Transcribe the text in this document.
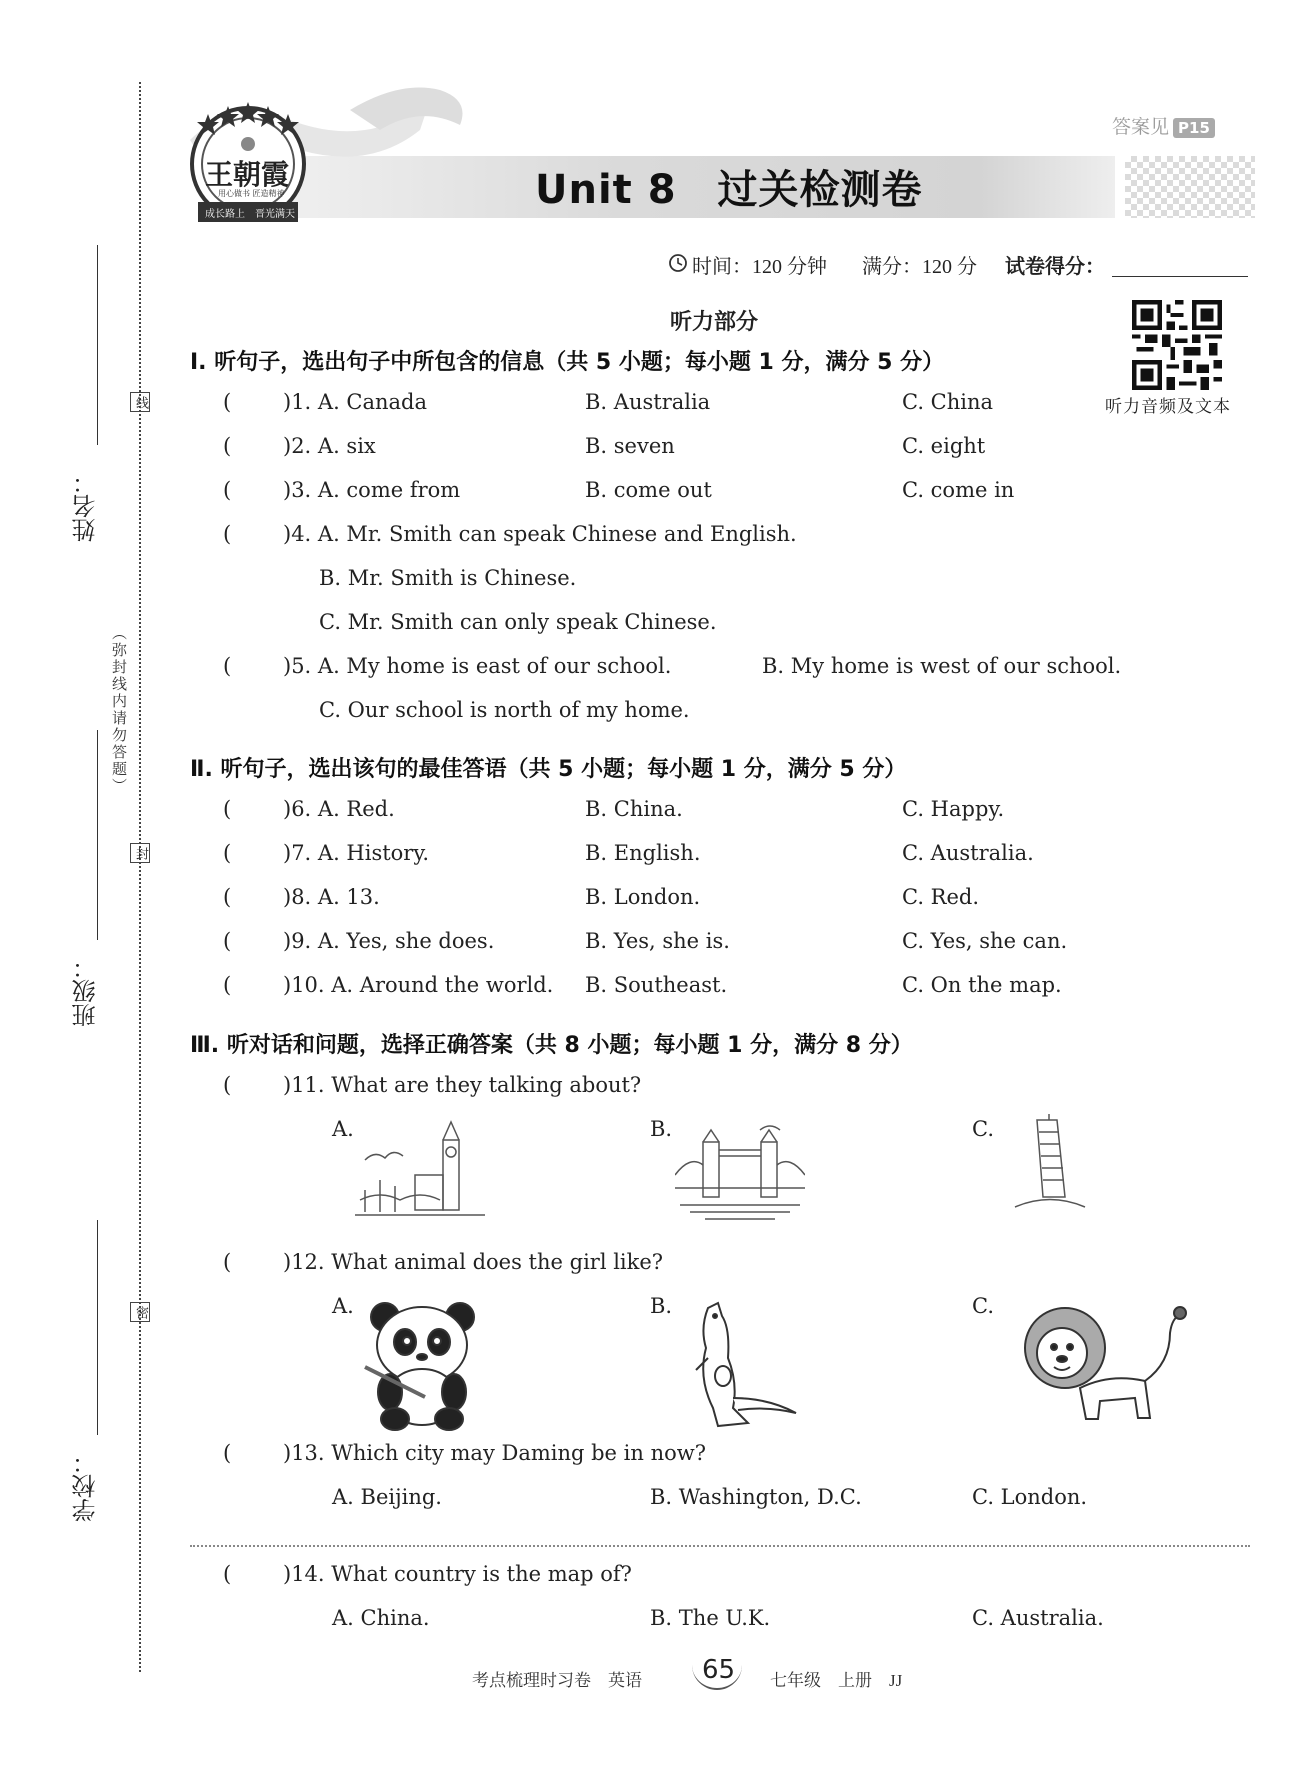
姓名：
线
（弥封线内请勿答题）
封
班级：
密
学校：
王朝霞
用心做书 匠造精神
成长路上 晋光满天
Unit 8　过关检测卷
答案见 P15
时间：120 分钟 满分：120 分 试卷得分：
听力部分
听力音频及文本
Ⅰ. 听句子，选出句子中所包含的信息（共 5 小题；每小题 1 分，满分 5 分）
( )1. A. Canada	B. Australia	C. China
( )2. A. six	B. seven	C. eight
( )3. A. come from	B. come out	C. come in
( )4. A. Mr. Smith can speak Chinese and English.
B. Mr. Smith is Chinese.
C. Mr. Smith can only speak Chinese.
( )5. A. My home is east of our school.	B. My home is west of our school.
C. Our school is north of my home.
Ⅱ. 听句子，选出该句的最佳答语（共 5 小题；每小题 1 分，满分 5 分）
( )6. A. Red.	B. China.	C. Happy.
( )7. A. History.	B. English.	C. Australia.
( )8. A. 13.	B. London.	C. Red.
( )9. A. Yes, she does.	B. Yes, she is.	C. Yes, she can.
( )10. A. Around the world. B. Southeast.	C. On the map.
Ⅲ. 听对话和问题，选择正确答案（共 8 小题；每小题 1 分，满分 8 分）
( )11. What are they talking about?
A.	B.	C.
( )12. What animal does the girl like?
A.	B.	C.
( )13. Which city may Daming be in now?
A. Beijing.	B. Washington, D.C.	C. London.
( )14. What country is the map of?
A. China.	B. The U.K.	C. Australia.
考点梳理时习卷　英语 65 七年级　上册　JJ
